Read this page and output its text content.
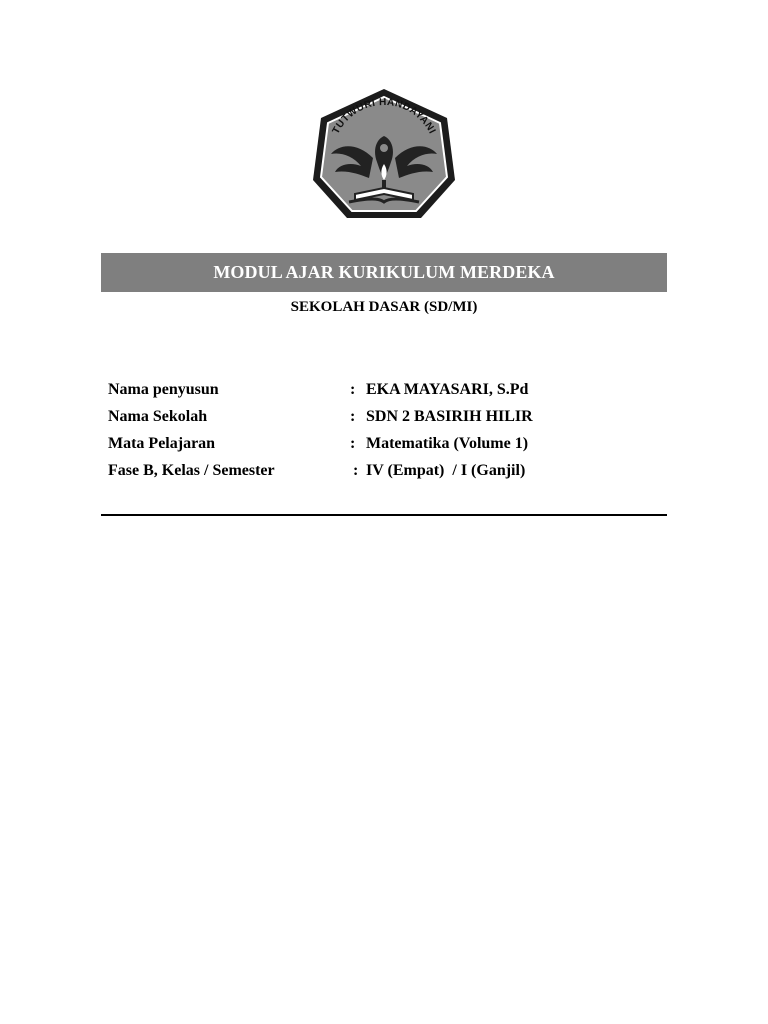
TUTWURI HANDAYANI
MODUL AJAR KURIKULUM MERDEKA
SEKOLAH DASAR (SD/MI)
Nama penyusun	: EKA MAYASARI, S.Pd
Nama Sekolah	: SDN 2 BASIRIH HILIR
Mata Pelajaran	: Matematika (Volume 1)
Fase B, Kelas / Semester	: IV (Empat)  / I (Ganjil)
